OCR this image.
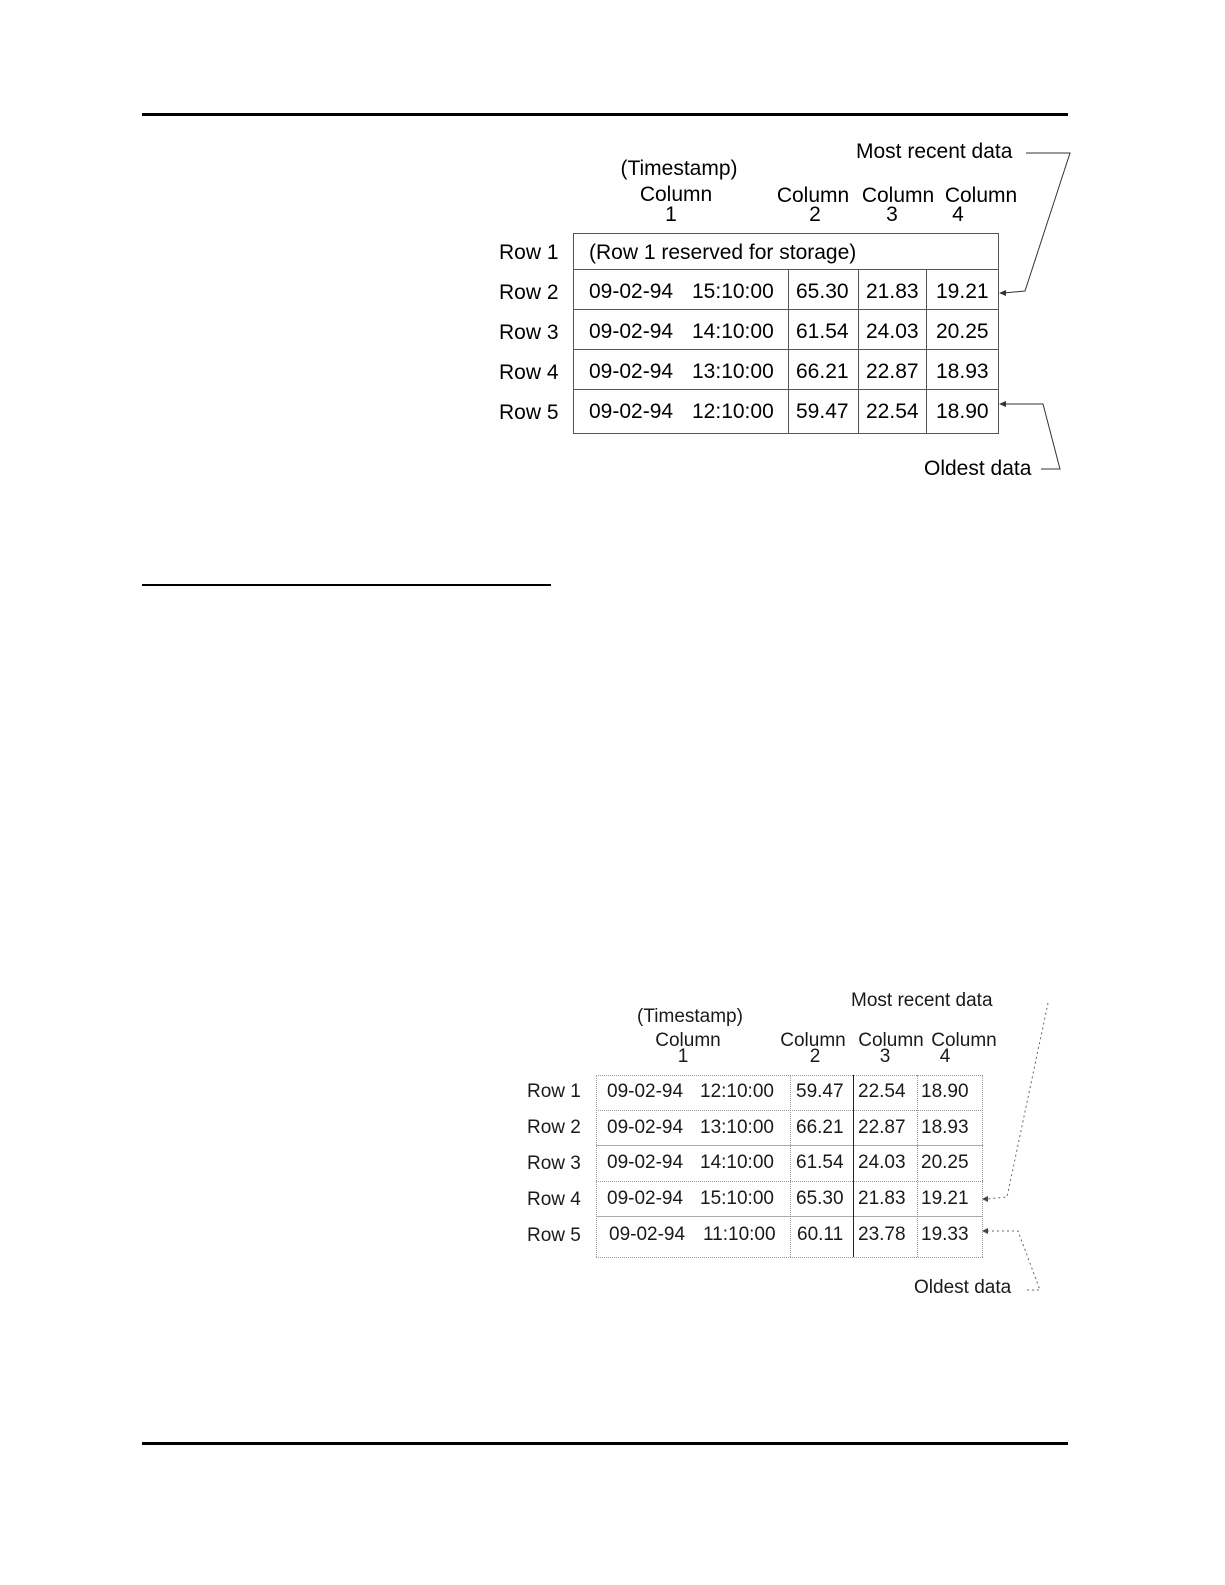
Most recent data
(Timestamp)
Column
1
Column
2
Column
3
Column
4
Row 1
Row 2
Row 3
Row 4
Row 5
(Row 1 reserved for storage)
09-02-94 15:10:00 65.30 21.83 19.21
09-02-94 14:10:00 61.54 24.03 20.25
09-02-94 13:10:00 66.21 22.87 18.93
09-02-94 12:10:00 59.47 22.54 18.90
Oldest data
Most recent data
(Timestamp)
Column
1
Column
2
Column
3
Column
4
Row 1
Row 2
Row 3
Row 4
Row 5
09-02-94 12:10:00 59.47 22.54 18.90
09-02-94 13:10:00 66.21 22.87 18.93
09-02-94 14:10:00 61.54 24.03 20.25
09-02-94 15:10:00 65.30 21.83 19.21
09-02-94 11:10:00 60.11 23.78 19.33
Oldest data
